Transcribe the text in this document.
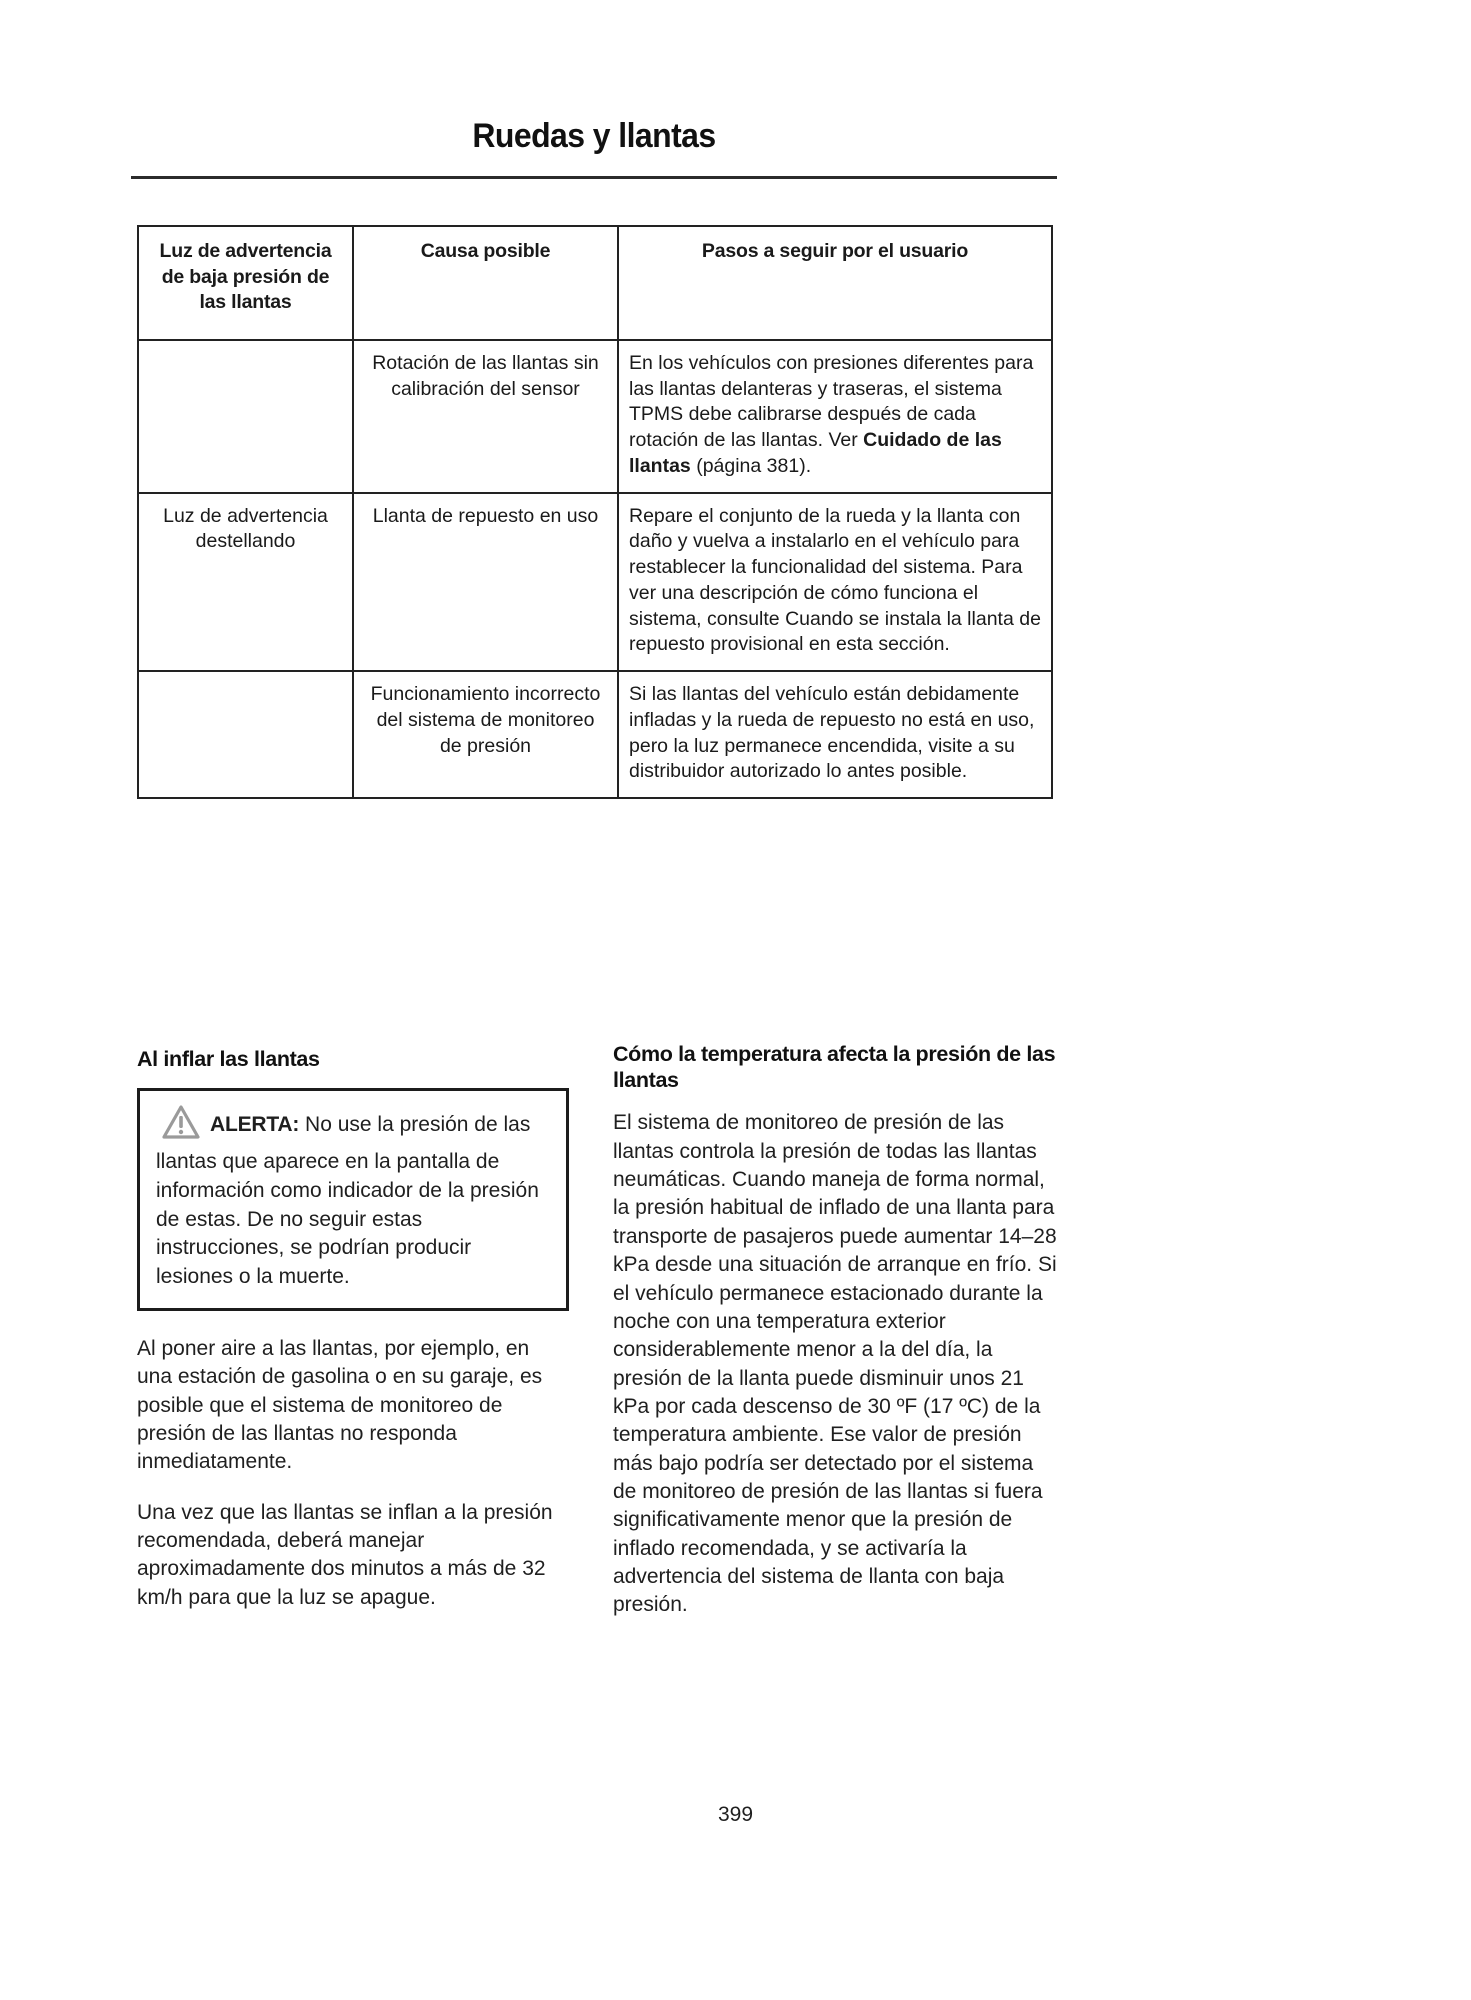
Ruedas y llantas
Luz de advertencia de baja presión de las llantas	Causa posible	Pasos a seguir por el usuario
	Rotación de las llantas sin calibración del sensor	En los vehículos con presiones diferentes para las llantas delanteras y traseras, el sistema TPMS debe calibrarse después de cada rotación de las llantas. Ver Cuidado de las llantas (página 381).
Luz de advertencia destellando	Llanta de repuesto en uso	Repare el conjunto de la rueda y la llanta con daño y vuelva a instalarlo en el vehículo para restablecer la funcionalidad del sistema. Para ver una descripción de cómo funciona el sistema, consulte Cuando se instala la llanta de repuesto provisional en esta sección.
	Funcionamiento incorrecto del sistema de monitoreo de presión	Si las llantas del vehículo están debidamente infladas y la rueda de repuesto no está en uso, pero la luz permanece encendida, visite a su distribuidor autorizado lo antes posible.
Al inflar las llantas

ALERTA: No use la presión de las llantas que aparece en la pantalla de información como indicador de la presión de estas. De no seguir estas instrucciones, se podrían producir lesiones o la muerte.

Al poner aire a las llantas, por ejemplo, en una estación de gasolina o en su garaje, es posible que el sistema de monitoreo de presión de las llantas no responda inmediatamente.

Una vez que las llantas se inflan a la presión recomendada, deberá manejar aproximadamente dos minutos a más de 32 km/h para que la luz se apague.

Cómo la temperatura afecta la presión de las llantas

El sistema de monitoreo de presión de las llantas controla la presión de todas las llantas neumáticas. Cuando maneja de forma normal, la presión habitual de inflado de una llanta para transporte de pasajeros puede aumentar 14–28 kPa desde una situación de arranque en frío. Si el vehículo permanece estacionado durante la noche con una temperatura exterior considerablemente menor a la del día, la presión de la llanta puede disminuir unos 21 kPa por cada descenso de 30 ºF (17 ºC) de la temperatura ambiente. Ese valor de presión más bajo podría ser detectado por el sistema de monitoreo de presión de las llantas si fuera significativamente menor que la presión de inflado recomendada, y se activaría la advertencia del sistema de llanta con baja presión.

399
